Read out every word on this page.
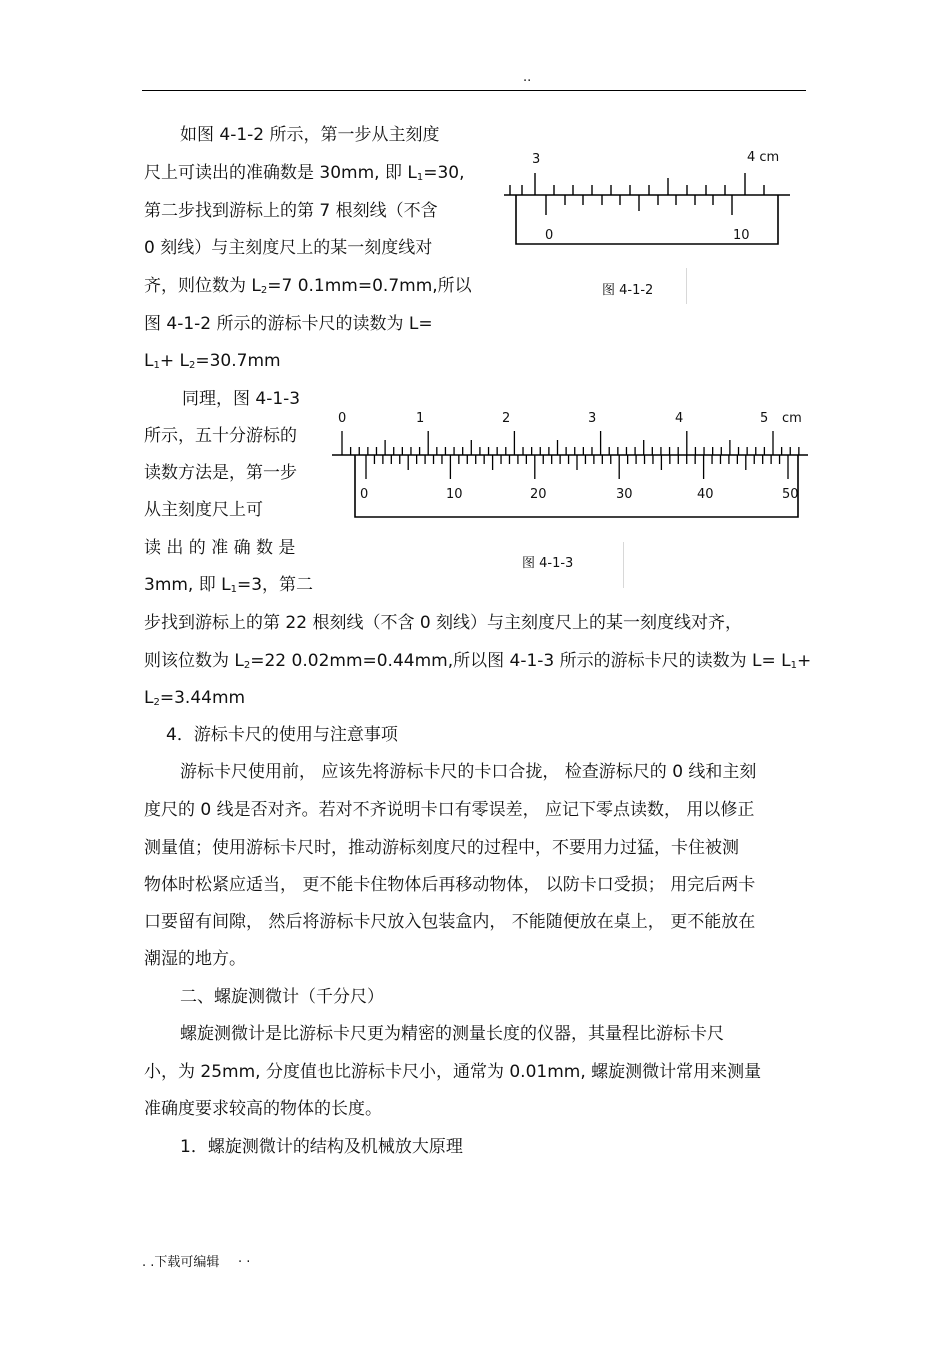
..
如图 4-1-2 所示，第一步从主刻度
尺上可读出的准确数是 30mm, 即 $L_1=30$,
第二步找到游标上的第 7 根刻线（不含
0 刻线）与主刻度尺上的某一刻度线对
齐，则位数为 $L_2=7$ 0.1mm=0.7mm,所以
图 4-1-2 所示的游标卡尺的读数为 L=
$L_1+ L_2=30.7mm$
3	4 cm
0	10
图 4-1-2
同理，图 4-1-3
所示，五十分游标的
读数方法是，第一步
从主刻度尺上可
读 出 的 准 确 数 是
3mm, 即 $L_1=3$，第二
0	1	2	3	4	5 cm
0	10	20	30	40	50
图 4-1-3
步找到游标上的第 22 根刻线（不含 0 刻线）与主刻度尺上的某一刻度线对齐，
则该位数为 $L_2=22$ 0.02mm=0.44mm,所以图 4-1-3 所示的游标卡尺的读数为 $L= L_1+$
$L_2=3.44mm$
4．游标卡尺的使用与注意事项
游标卡尺使用前， 应该先将游标卡尺的卡口合拢， 检查游标尺的 0 线和主刻
度尺的 0 线是否对齐。若对不齐说明卡口有零误差， 应记下零点读数， 用以修正
测量值；使用游标卡尺时，推动游标刻度尺的过程中，不要用力过猛，卡住被测
物体时松紧应适当， 更不能卡住物体后再移动物体， 以防卡口受损； 用完后两卡
口要留有间隙， 然后将游标卡尺放入包装盒内， 不能随便放在桌上， 更不能放在
潮湿的地方。
二、螺旋测微计（千分尺）
螺旋测微计是比游标卡尺更为精密的测量长度的仪器，其量程比游标卡尺
小，为 25mm, 分度值也比游标卡尺小，通常为 0.01mm, 螺旋测微计常用来测量
准确度要求较高的物体的长度。
1．螺旋测微计的结构及机械放大原理
. .下载可编辑 . .
